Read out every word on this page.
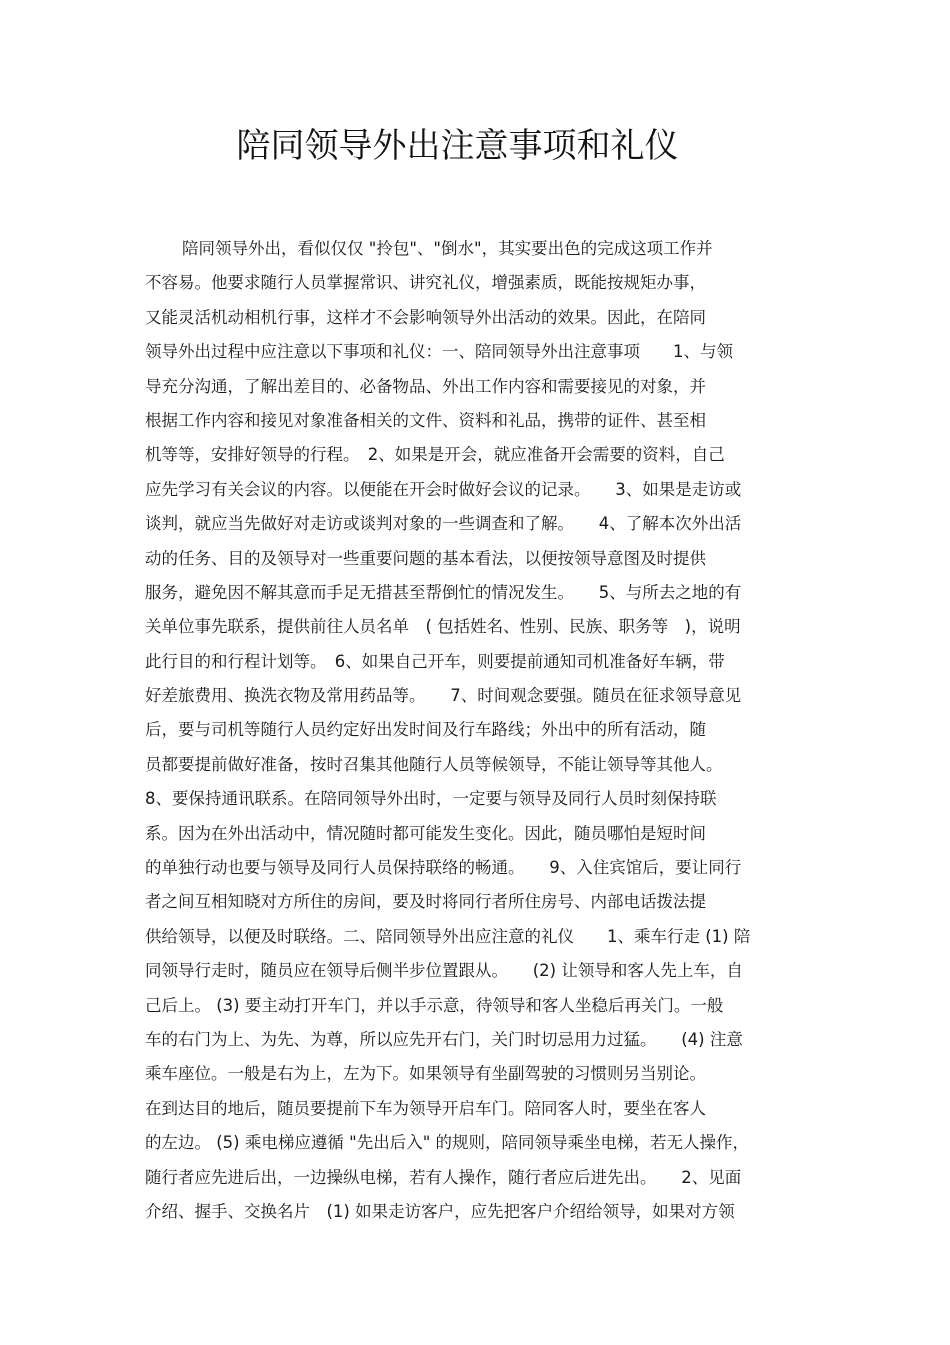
陪同领导外出注意事项和礼仪
陪同领导外出，看似仅仅 "拎包"、"倒水"，其实要出色的完成这项工作并
不容易。他要求随行人员掌握常识、讲究礼仪，增强素质，既能按规矩办事，
又能灵活机动相机行事，这样才不会影响领导外出活动的效果。因此，在陪同
领导外出过程中应注意以下事项和礼仪：一、陪同领导外出注意事项　　1、与领
导充分沟通，了解出差目的、必备物品、外出工作内容和需要接见的对象，并
根据工作内容和接见对象准备相关的文件、资料和礼品，携带的证件、甚至相
机等等，安排好领导的行程。　2、如果是开会，就应准备开会需要的资料，自己
应先学习有关会议的内容。以便能在开会时做好会议的记录。　　3、如果是走访或
谈判，就应当先做好对走访或谈判对象的一些调查和了解。　　4、了解本次外出活
动的任务、目的及领导对一些重要问题的基本看法，以便按领导意图及时提供
服务，避免因不解其意而手足无措甚至帮倒忙的情况发生。　　5、与所去之地的有
关单位事先联系，提供前往人员名单　( 包括姓名、性别、民族、职务等　)，说明
此行目的和行程计划等。　6、如果自己开车，则要提前通知司机准备好车辆，带
好差旅费用、换洗衣物及常用药品等。　　7、时间观念要强。随员在征求领导意见
后，要与司机等随行人员约定好出发时间及行车路线；外出中的所有活动，随
员都要提前做好准备，按时召集其他随行人员等候领导，不能让领导等其他人。
8、要保持通讯联系。在陪同领导外出时，一定要与领导及同行人员时刻保持联
系。因为在外出活动中，情况随时都可能发生变化。因此，随员哪怕是短时间
的单独行动也要与领导及同行人员保持联络的畅通。　　9、入住宾馆后，要让同行
者之间互相知晓对方所住的房间，要及时将同行者所住房号、内部电话拨法提
供给领导，以便及时联络。二、陪同领导外出应注意的礼仪　　1、乘车行走 (1) 陪
同领导行走时，随员应在领导后侧半步位置跟从。　　(2) 让领导和客人先上车，自
己后上。 (3) 要主动打开车门，并以手示意，待领导和客人坐稳后再关门。一般
车的右门为上、为先、为尊，所以应先开右门，关门时切忌用力过猛。　　(4) 注意
乘车座位。一般是右为上，左为下。如果领导有坐副驾驶的习惯则另当别论。
在到达目的地后，随员要提前下车为领导开启车门。陪同客人时，要坐在客人
的左边。 (5) 乘电梯应遵循 "先出后入" 的规则，陪同领导乘坐电梯，若无人操作，
随行者应先进后出，一边操纵电梯，若有人操作，随行者应后进先出。　　2、见面
介绍、握手、交换名片　(1) 如果走访客户，应先把客户介绍给领导，如果对方领
